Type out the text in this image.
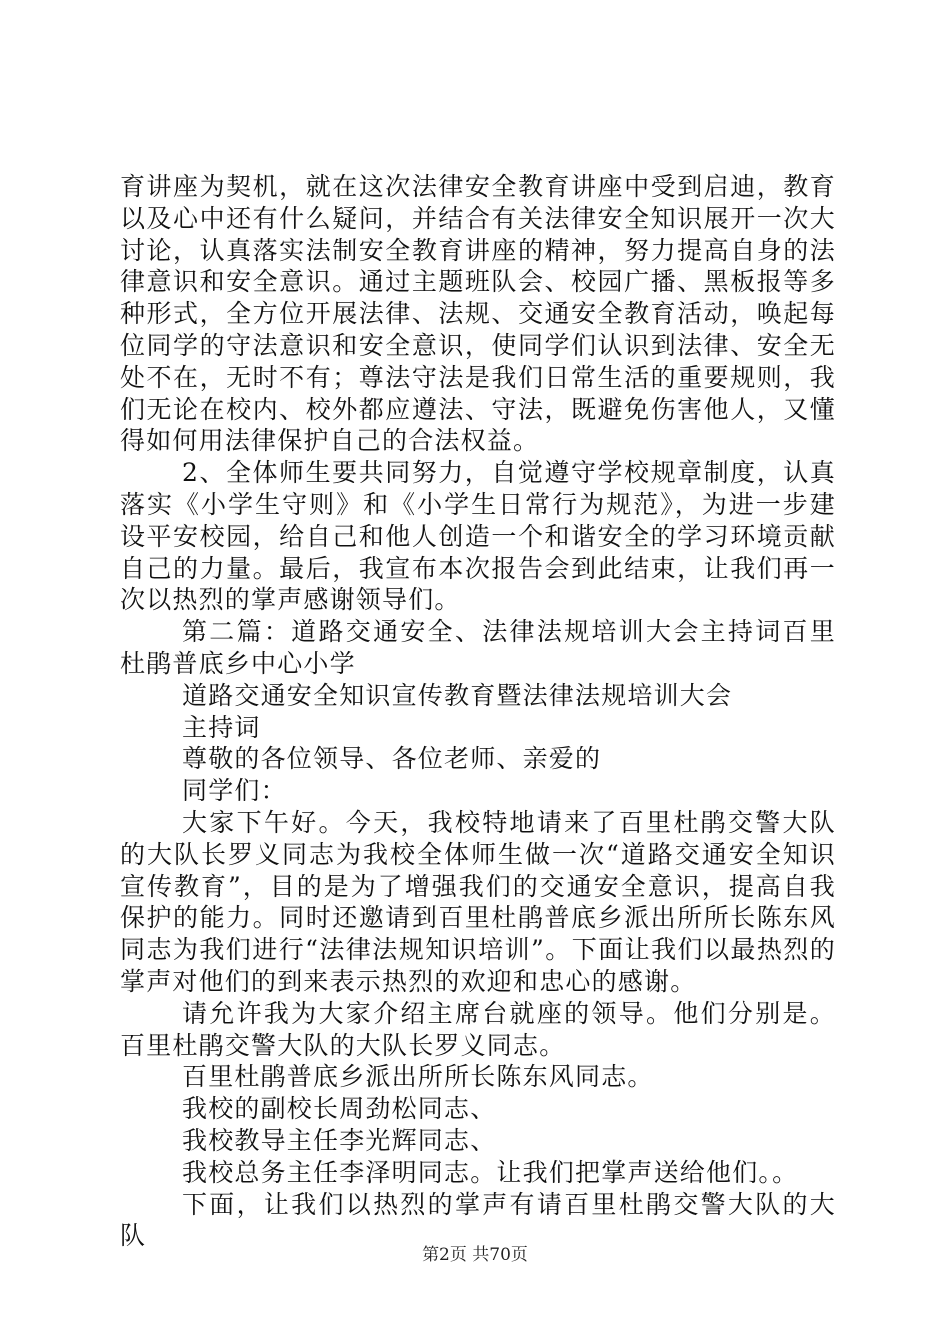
育讲座为契机，就在这次法律安全教育讲座中受到启迪，教育以及心中还有什么疑问，并结合有关法律安全知识展开一次大讨论，认真落实法制安全教育讲座的精神，努力提高自身的法律意识和安全意识。通过主题班队会、校园广播、黑板报等多种形式，全方位开展法律、法规、交通安全教育活动，唤起每位同学的守法意识和安全意识，使同学们认识到法律、安全无处不在，无时不有；尊法守法是我们日常生活的重要规则，我们无论在校内、校外都应遵法、守法，既避免伤害他人，又懂得如何用法律保护自己的合法权益。

2、全体师生要共同努力，自觉遵守学校规章制度，认真落实《小学生守则》和《小学生日常行为规范》，为进一步建设平安校园，给自己和他人创造一个和谐安全的学习环境贡献自己的力量。最后，我宣布本次报告会到此结束，让我们再一次以热烈的掌声感谢领导们。

第二篇：道路交通安全、法律法规培训大会主持词百里杜鹃普底乡中心小学

道路交通安全知识宣传教育暨法律法规培训大会

主持词

尊敬的各位领导、各位老师、亲爱的

同学们：

大家下午好。今天，我校特地请来了百里杜鹃交警大队的大队长罗义同志为我校全体师生做一次“道路交通安全知识宣传教育”，目的是为了增强我们的交通安全意识，提高自我保护的能力。同时还邀请到百里杜鹃普底乡派出所所长陈东风同志为我们进行“法律法规知识培训”。下面让我们以最热烈的掌声对他们的到来表示热烈的欢迎和忠心的感谢。

请允许我为大家介绍主席台就座的领导。他们分别是。百里杜鹃交警大队的大队长罗义同志。

百里杜鹃普底乡派出所所长陈东风同志。

我校的副校长周劲松同志、

我校教导主任李光辉同志、

我校总务主任李泽明同志。让我们把掌声送给他们。。

下面，让我们以热烈的掌声有请百里杜鹃交警大队的大队

第2页 共70页
